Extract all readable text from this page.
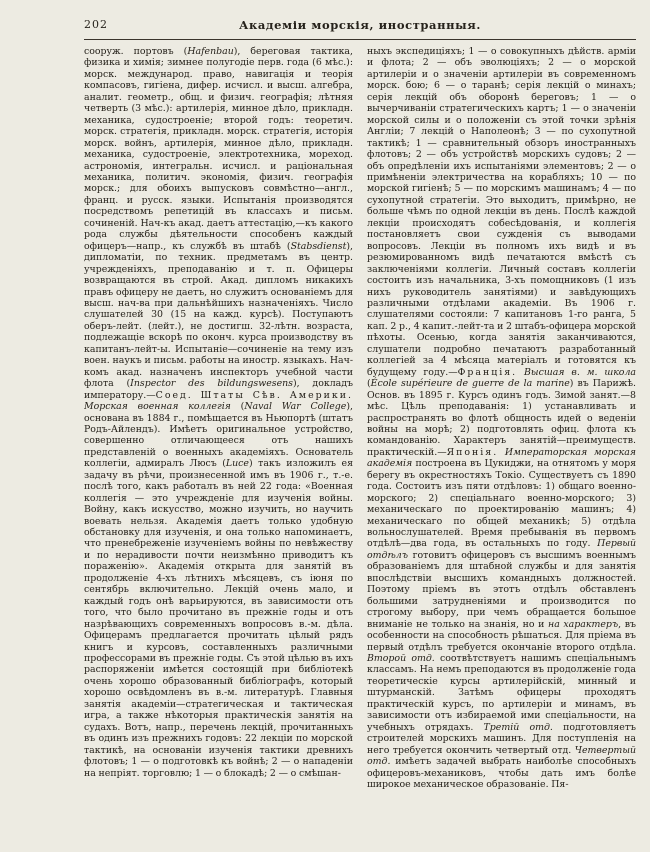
202	Академіи морскія, иностранныя.
сооруж. портовъ (Hafenbau), береговая тактика, физика и химія; зимнее полугодіе перв. года (6 мѣс.): морск. международ. право, навигація и теорія компасовъ, гигіена, дифер. исчисл. и высш. алгебра, аналит. геометр., общ. и физич. географія; лѣтняя четверть (3 мѣс.): артилерія, минное дѣло, прикладн. механика, судостроеніе; второй годъ: теоретич. морск. стратегія, прикладн. морск. стратегія, исторія морск. войнъ, артилерія, минное дѣло, прикладн. механика, судостроеніе, электротехника, мореход. астрономія, интегральн. исчисл. и раціональная механика, политич. экономія, физич. географія морск.; для обоихъ выпусковъ совмѣстно—англ., франц. и русск. языки. Испытанія производятся посредствомъ репетицій въ классахъ и письм. сочиненій. Нач-къ акад. даетъ аттестацію,—къ какого рода службы дѣятельности способенъ каждый офицеръ—напр., къ службѣ въ штабѣ (Stabsdienst), дипломатіи, по техник. предметамъ въ центр. учрежденіяхъ, преподаванію и т. п. Офицеры возвращаются въ строй. Акад. дипломъ никакихъ правъ офицеру не даетъ, но служитъ основаніемъ для высш. нач-ва при дальнѣйшихъ назначеніяхъ. Число слушателей 30 (15 на кажд. курсѣ). Поступаютъ оберъ-лейт. (лейт.), не достигш. 32-лѣтн. возраста, подлежащіе вскорѣ по оконч. курса производству въ капитанъ-лейт-ы. Испытаніе—сочиненіе на тему изъ воен. наукъ и письм. работы на иностр. языкахъ. Нач-комъ акад. назначенъ инспекторъ учебной части флота (Inspector des bildungswesens), докладъ императору.—Соед. Штаты Сѣв. Америки. Морская военная коллегія (Naval War College), основана въ 1884 г., помѣщается въ Ньюпортѣ (штатъ Родъ-Айлендъ). Имѣетъ оригинальное устройство, совершенно отличающееся отъ нашихъ представленій о военныхъ академіяхъ. Основатель коллегіи, адмиралъ Люсъ (Luce) такъ изложилъ ея задачу въ рѣчи, произнесенной имъ въ 1906 г., т.-е. послѣ того, какъ работалъ въ ней 22 года: «Военная коллегія — это учрежденіе для изученія войны. Войну, какъ искусство, можно изучить, но научить воевать нельзя. Академія даетъ только удобную обстановку для изученія, и она только напоминаетъ, что пренебреженіе изученіемъ войны по невѣжеству и по нерадивости почти неизмѣнно приводитъ къ пораженію». Академія открыта для занятій въ продолженіе 4-хъ лѣтнихъ мѣсяцевъ, съ іюня по сентябрь включительно. Лекцій очень мало, и каждый годъ онѣ варьируются, въ зависимости отъ того, что было прочитано въ прежніе годы и отъ назрѣвающихъ современныхъ вопросовъ в.-м. дѣла. Офицерамъ предлагается прочитать цѣлый рядъ книгъ и курсовъ, составленныхъ различными профессорами въ прежніе годы. Съ этой цѣлью въ ихъ распоряженіи имѣется состоящій при библіотекѣ очень хорошо образованный библіографъ, который хорошо освѣдомленъ въ в.-м. литературѣ. Главныя занятія академіи—стратегическая и тактическая игра, а также нѣкоторыя практическія занятія на судахъ. Вотъ, напр., перечень лекцій, прочитанныхъ въ одинъ изъ прежнихъ годовъ: 22 лекціи по морской тактикѣ, на основаніи изученія тактики древнихъ флотовъ; 1 — о подготовкѣ къ войнѣ; 2 — о нападеніи на непріят. торговлю; 1 — о блокадѣ; 2 — о смѣшан-
ныхъ экспедиціяхъ; 1 — о совокупныхъ дѣйств. арміи и флота; 2 — объ эволюціяхъ; 2 — о морской артилеріи и о значеніи артилеріи въ современномъ морск. бою; 6 — о таранѣ; серія лекцій о минахъ; серія лекцій объ оборонѣ береговъ; 1 — о вычерчиваніи стратегическихъ картъ; 1 — о значеніи морской силы и о положеніи съ этой точки зрѣнія Англіи; 7 лекцій о Наполеонѣ; 3 — по сухопутной тактикѣ; 1 — сравнительный обзоръ иностранныхъ флотовъ; 2 — объ устройствѣ морскихъ судовъ; 2 — объ опредѣленіи ихъ испытаніями элементовъ; 2 — о примѣненіи электричества на корабляхъ; 10 — по морской гигіенѣ; 5 — по морскимъ машинамъ; 4 — по сухопутной стратегіи. Это выходитъ, примѣрно, не больше чѣмъ по одной лекціи въ день. Послѣ каждой лекціи происходятъ собесѣдованія, и коллегія постановляетъ свои сужденія съ выводами вопросовъ. Лекціи въ полномъ ихъ видѣ и въ резюмированномъ видѣ печатаются вмѣстѣ съ заключеніями коллегіи. Личный составъ коллегіи состоитъ изъ начальника, 3-хъ помощниковъ (1 изъ нихъ руководитель занятіями) и завѣдующихъ различными отдѣлами академіи. Въ 1906 г. слушателями состояли: 7 капитановъ 1-го ранга, 5 кап. 2 р., 4 капит.-лейт-та и 2 штабъ-офицера морской пѣхоты. Осенью, когда занятія заканчиваются, слушатели подробно печатаютъ разработанный коллегіей за 4 мѣсяца матеріалъ и готовятся къ будущему году.—Франція. Высшая в. м. школа (École supérieure de guerre de la marine) въ Парижѣ. Основ. въ 1895 г. Курсъ одинъ годъ. Зимой занят.—8 мѣс. Цѣль преподаванія: 1) устанавливать и распространять во флотѣ общность идей о веденіи войны на морѣ; 2) подготовлять офиц. флота къ командованію. Характеръ занятій—преимуществ. практическій.—Японія. Императорская морская академія построена въ Цукиджи, на отнятомъ у моря берегу въ окрестностяхъ Токіо. Существуетъ съ 1890 года. Состоитъ изъ пяти отдѣловъ: 1) общаго военно-морского; 2) спеціальнаго военно-морского; 3) механическаго по проектированію машинъ; 4) механическаго по общей механикѣ; 5) отдѣла вольнослушателей. Время пребыванія въ первомъ отдѣлѣ—два года, въ остальныхъ по году. Первый отдѣлъ готовитъ офицеровъ съ высшимъ военнымъ образованіемъ для штабной службы и для занятія впослѣдствіи высшихъ командныхъ должностей. Поэтому пріемъ въ этотъ отдѣлъ обставленъ большими затрудненіями и производится по строгому выбору, при чемъ обращается большое вниманіе не только на знанія, но и на характеръ, въ особенности на способность рѣшаться. Для пріема въ первый отдѣлъ требуется окончаніе второго отдѣла. Второй отд. соотвѣтствуетъ нашимъ спеціальнымъ классамъ. На немъ преподаются въ продолженіе года теоретическіе курсы артилерійскій, минный и штурманскій. Затѣмъ офицеры проходятъ практическій курсъ, по артилеріи и минамъ, въ зависимости отъ избираемой ими спеціальности, на учебныхъ отрядахъ. Третій отд. подготовляетъ строителей морскихъ машинъ. Для поступленія на него требуется окончить четвертый отд. Четвертый отд. имѣетъ задачей выбрать наиболѣе способныхъ офицеровъ-механиковъ, чтобы дать имъ болѣе широкое механическое образованіе. Пя-
